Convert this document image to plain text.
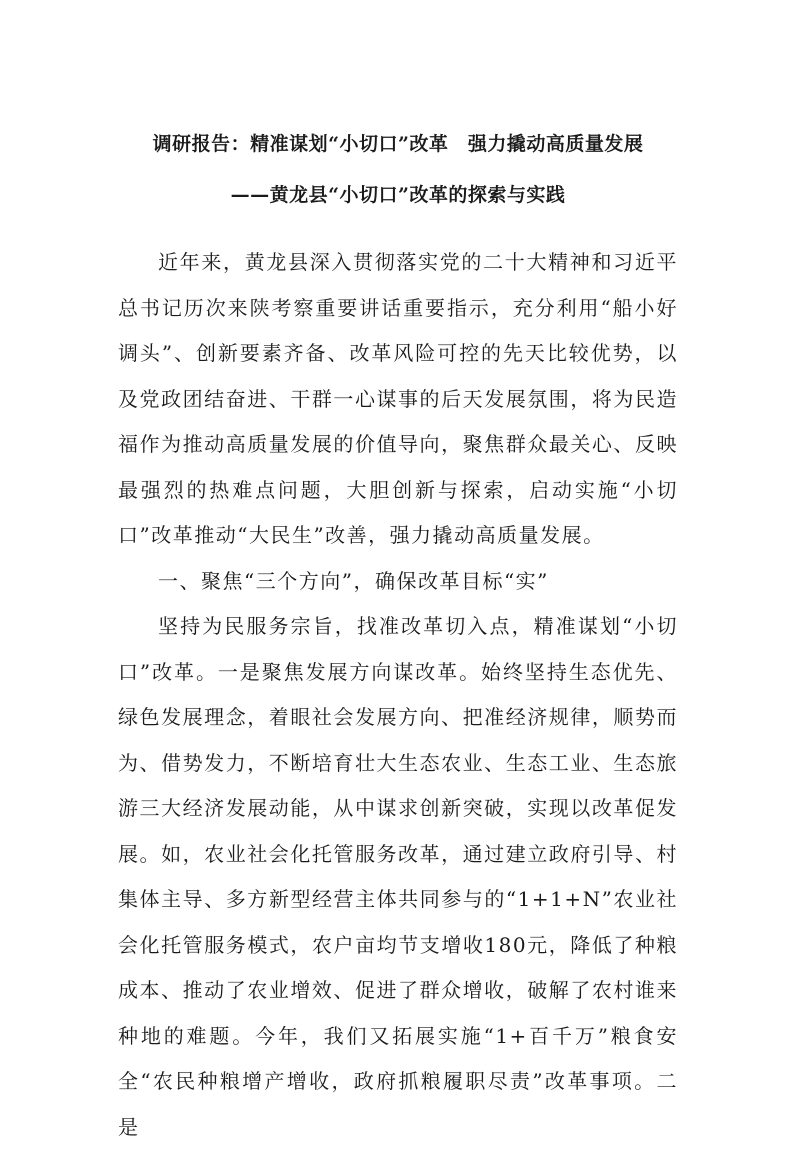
调研报告：精准谋划“小切口”改革　强力撬动高质量发展
——黄龙县“小切口”改革的探索与实践

近年来，黄龙县深入贯彻落实党的二十大精神和习近平总书记历次来陕考察重要讲话重要指示，充分利用“船小好调头”、创新要素齐备、改革风险可控的先天比较优势，以及党政团结奋进、干群一心谋事的后天发展氛围，将为民造福作为推动高质量发展的价值导向，聚焦群众最关心、反映最强烈的热难点问题，大胆创新与探索，启动实施“小切口”改革推动“大民生”改善，强力撬动高质量发展。

一、聚焦“三个方向”，确保改革目标“实”

坚持为民服务宗旨，找准改革切入点，精准谋划“小切口”改革。一是聚焦发展方向谋改革。始终坚持生态优先、绿色发展理念，着眼社会发展方向、把准经济规律，顺势而为、借势发力，不断培育壮大生态农业、生态工业、生态旅游三大经济发展动能，从中谋求创新突破，实现以改革促发展。如，农业社会化托管服务改革，通过建立政府引导、村集体主导、多方新型经营主体共同参与的“1+1+N”农业社会化托管服务模式，农户亩均节支增收180元，降低了种粮成本、推动了农业增效、促进了群众增收，破解了农村谁来种地的难题。今年，我们又拓展实施“1+百千万”粮食安全“农民种粮增产增收，政府抓粮履职尽责”改革事项。二是
